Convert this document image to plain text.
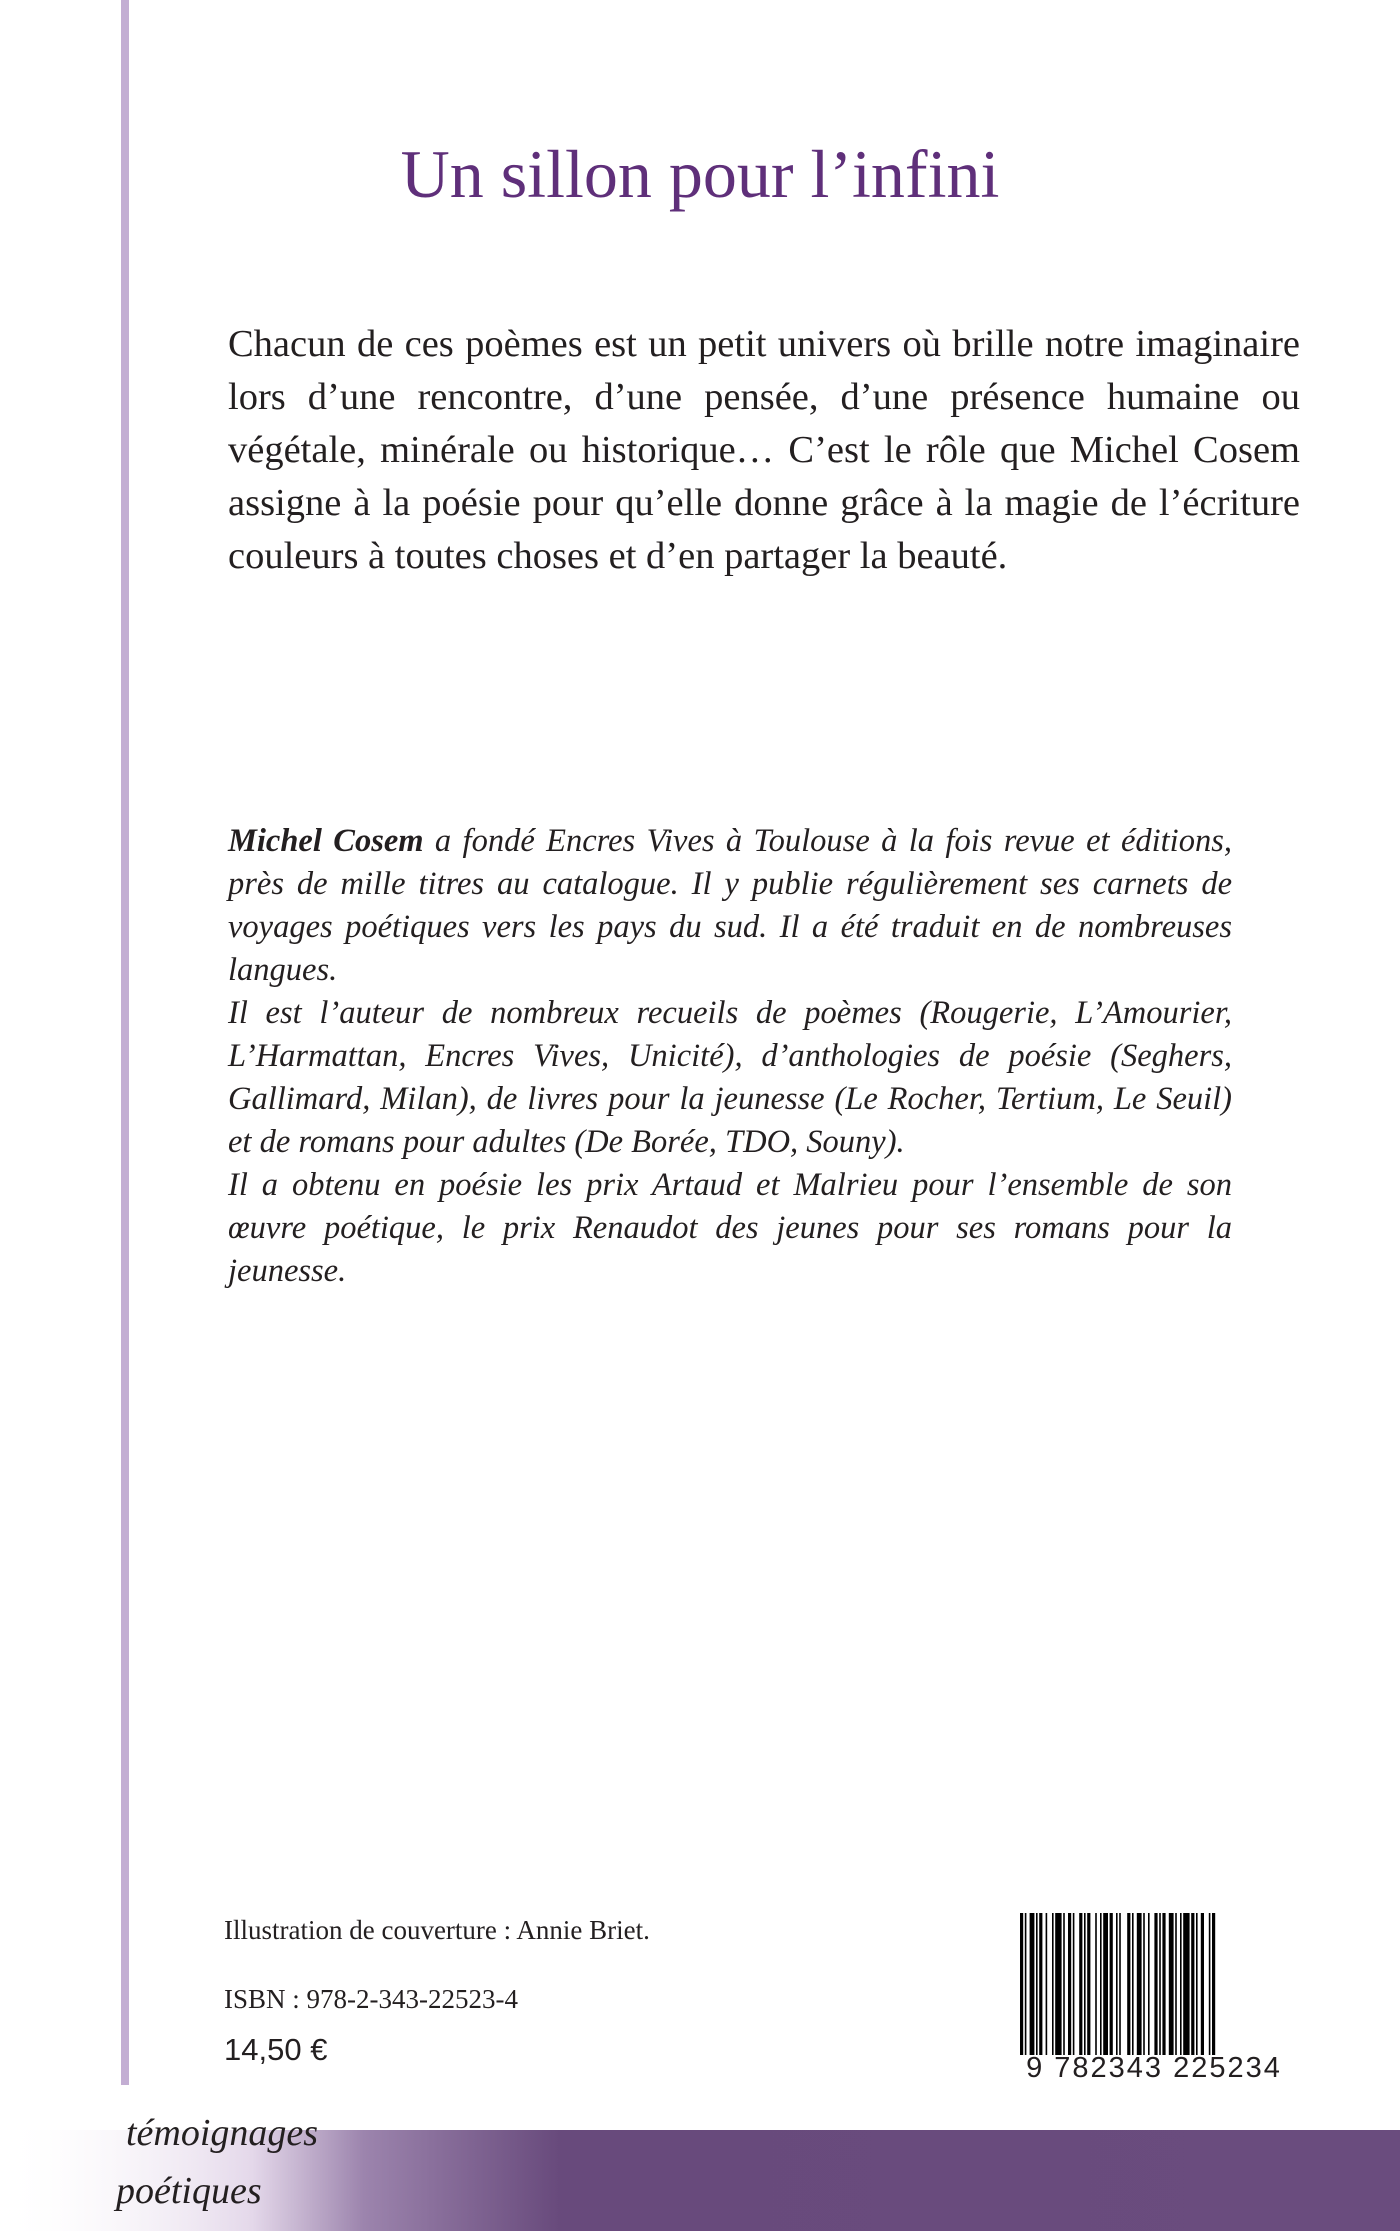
Un sillon pour l’infini

Chacun de ces poèmes est un petit univers où brille notre imaginaire lors d’une rencontre, d’une pensée, d’une présence humaine ou végétale, minérale ou historique… C’est le rôle que Michel Cosem assigne à la poésie pour qu’elle donne grâce à la magie de l’écriture couleurs à toutes choses et d’en partager la beauté.

Michel Cosem a fondé Encres Vives à Toulouse à la fois revue et éditions, près de mille titres au catalogue. Il y publie régulièrement ses carnets de voyages poétiques vers les pays du sud. Il a été traduit en de nombreuses langues.

Il est l’auteur de nombreux recueils de poèmes (Rougerie, L’Amourier, L’Harmattan, Encres Vives, Unicité), d’anthologies de poésie (Seghers, Gallimard, Milan), de livres pour la jeunesse (Le Rocher, Tertium, Le Seuil) et de romans pour adultes (De Borée, TDO, Souny).

Il a obtenu en poésie les prix Artaud et Malrieu pour l’ensemble de son œuvre poétique, le prix Renaudot des jeunes pour ses romans pour la jeunesse.

Illustration de couverture : Annie Briet.
ISBN : 978-2-343-22523-4
14,50 €
9 782343 225234
témoignages
poétiques
